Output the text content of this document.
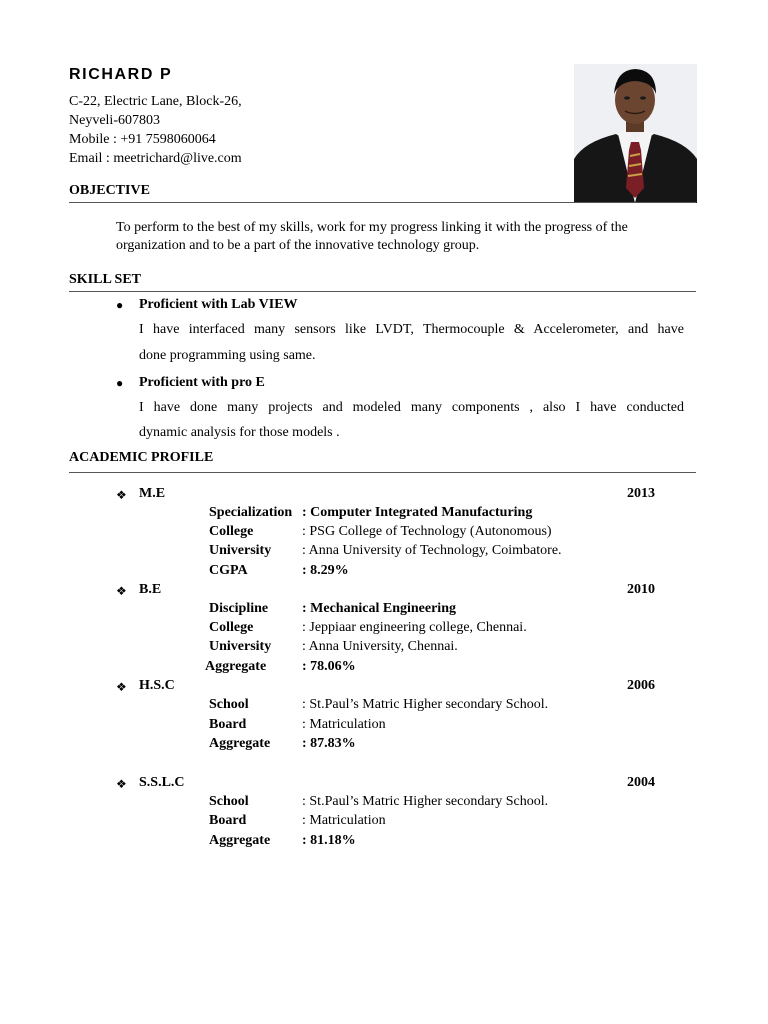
RICHARD P
C-22, Electric Lane, Block-26,
Neyveli-607803
Mobile : +91 7598060064
Email : meetrichard@live.com
OBJECTIVE
To perform to the best of my skills, work for my progress linking it with the progress of the
organization and to be a part of the innovative technology group.
SKILL SET
● Proficient with Lab VIEW
I have interfaced many sensors like LVDT, Thermocouple & Accelerometer, and have
done programming using same.
● Proficient with pro E
I have done many projects and modeled many components , also I have conducted
dynamic analysis for those models .
ACADEMIC PROFILE
❖ M.E	2013
Specialization : Computer Integrated Manufacturing
College	: PSG College of Technology (Autonomous)
University : Anna University of Technology, Coimbatore.
CGPA	: 8.29%
❖ B.E	2010
Discipline : Mechanical Engineering
College	: Jeppiaar engineering college, Chennai.
University : Anna University, Chennai.
Aggregate	: 78.06%
❖ H.S.C	2006
School	: St.Paul’s Matric Higher secondary School.
Board	: Matriculation
Aggregate : 87.83%
❖ S.S.L.C	2004
School	: St.Paul’s Matric Higher secondary School.
Board	: Matriculation
Aggregate : 81.18%
